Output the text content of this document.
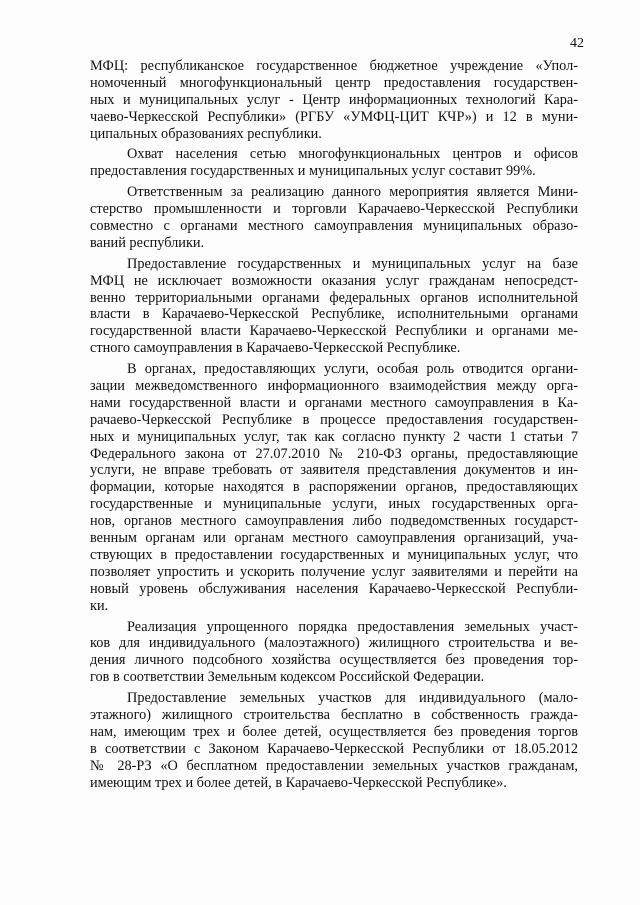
42
МФЦ: республиканское государственное бюджетное учреждение «Упол-
номоченный многофункциональный центр предоставления государствен-
ных и муниципальных услуг - Центр информационных технологий Кара-
чаево-Черкесской Республики» (РГБУ «УМФЦ-ЦИТ КЧР») и 12 в муни-
ципальных образованиях республики.
Охват населения сетью многофункциональных центров и офисов
предоставления государственных и муниципальных услуг составит 99%.
Ответственным за реализацию данного мероприятия является Мини-
стерство промышленности и торговли Карачаево-Черкесской Республики
совместно с органами местного самоуправления муниципальных образо-
ваний республики.
Предоставление государственных и муниципальных услуг на базе
МФЦ не исключает возможности оказания услуг гражданам непосредст-
венно территориальными органами федеральных органов исполнительной
власти в Карачаево-Черкесской Республике, исполнительными органами
государственной власти Карачаево-Черкесской Республики и органами ме-
стного самоуправления в Карачаево-Черкесской Республике.
В органах, предоставляющих услуги, особая роль отводится органи-
зации межведомственного информационного взаимодействия между орга-
нами государственной власти и органами местного самоуправления в Ка-
рачаево-Черкесской Республике в процессе предоставления государствен-
ных и муниципальных услуг, так как согласно пункту 2 части 1 статьи 7
Федерального закона от 27.07.2010 № 210-ФЗ органы, предоставляющие
услуги, не вправе требовать от заявителя представления документов и ин-
формации, которые находятся в распоряжении органов, предоставляющих
государственные и муниципальные услуги, иных государственных орга-
нов, органов местного самоуправления либо подведомственных государст-
венным органам или органам местного самоуправления организаций, уча-
ствующих в предоставлении государственных и муниципальных услуг, что
позволяет упростить и ускорить получение услуг заявителями и перейти на
новый уровень обслуживания населения Карачаево-Черкесской Республи-
ки.
Реализация упрощенного порядка предоставления земельных участ-
ков для индивидуального (малоэтажного) жилищного строительства и ве-
дения личного подсобного хозяйства осуществляется без проведения тор-
гов в соответствии Земельным кодексом Российской Федерации.
Предоставление земельных участков для индивидуального (мало-
этажного) жилищного строительства бесплатно в собственность гражда-
нам, имеющим трех и более детей, осуществляется без проведения торгов
в соответствии с Законом Карачаево-Черкесской Республики от 18.05.2012
№ 28-РЗ «О бесплатном предоставлении земельных участков гражданам,
имеющим трех и более детей, в Карачаево-Черкесской Республике».
